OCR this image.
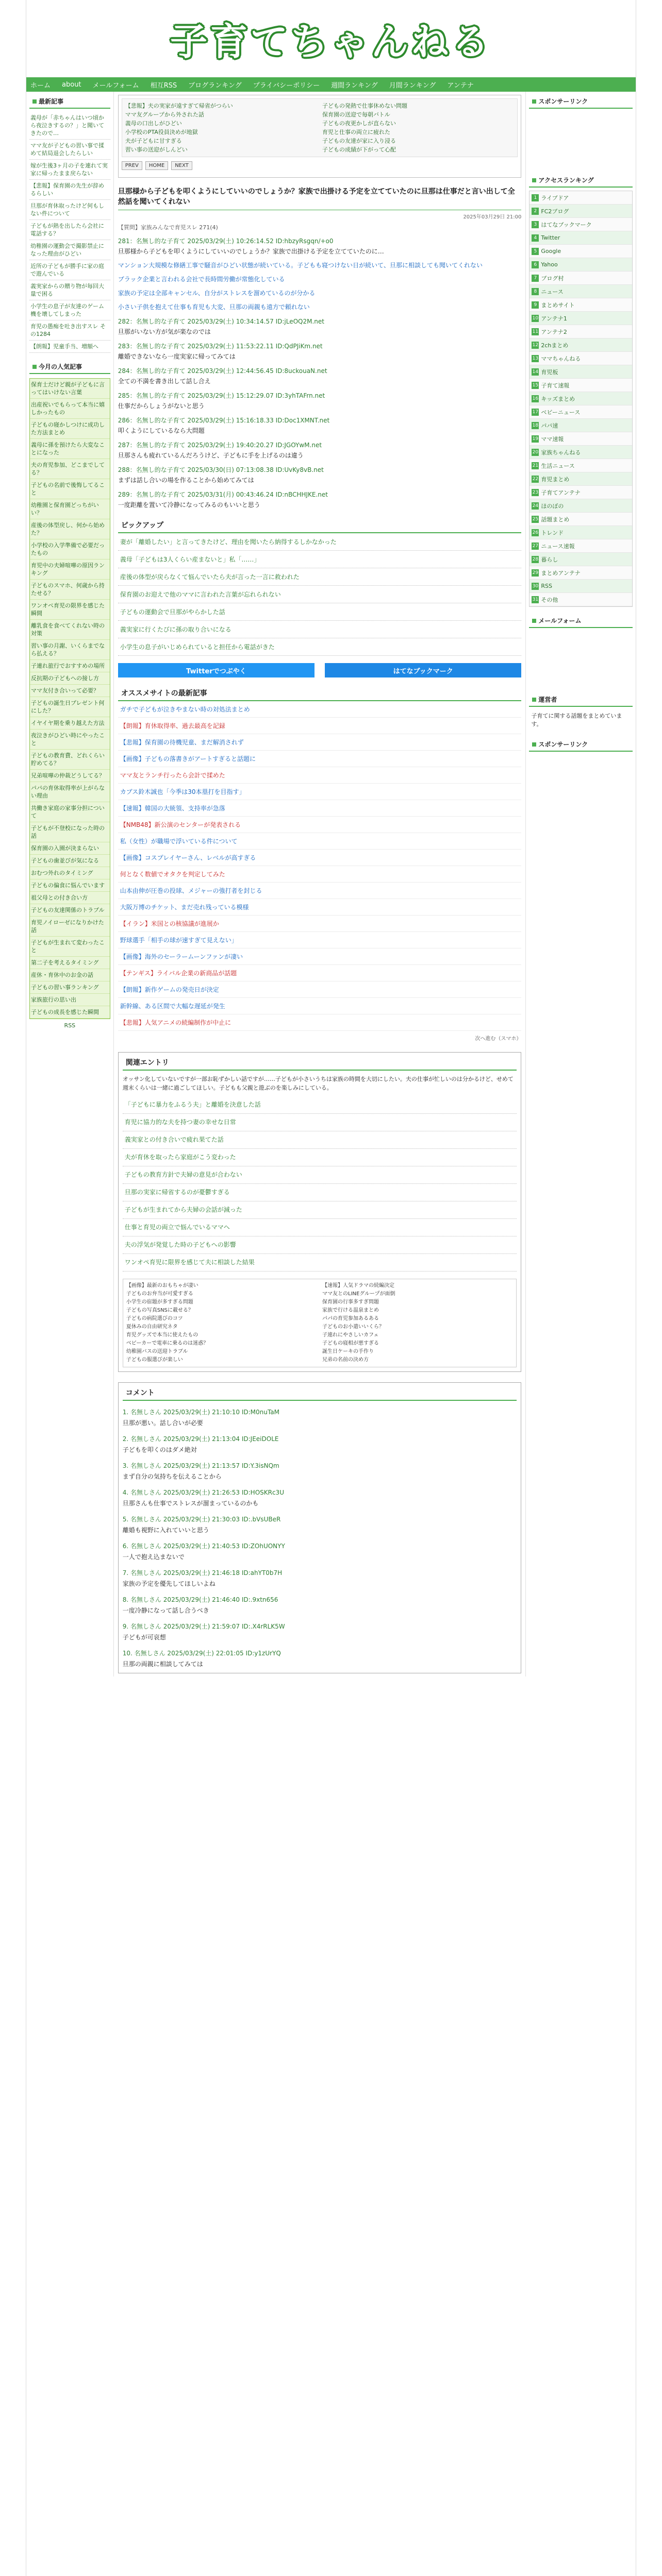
子育てちゃんねる
ホーム about メールフォーム 相互RSS ブログランキング プライバシーポリシー 週間ランキング 月間ランキング アンテナ
最新記事
義母が「赤ちゃんはいつ頃から夜泣きするの？」と聞いてきたので…
ママ友が子どもの習い事で揉めて結局退会したらしい
嫁が生後3ヶ月の子を連れて実家に帰ったまま戻らない
【悲報】保育園の先生が辞めるらしい
旦那が育休取ったけど何もしない件について
子どもが熱を出したら会社に電話する？
幼稚園の運動会で撮影禁止になった理由がひどい
近所の子どもが勝手に家の庭で遊んでいる
義実家からの贈り物が毎回大量で困る
小学生の息子が友達のゲーム機を壊してしまった
育児の愚痴を吐き出すスレ その1284
【朗報】児童手当、増額へ
今月の人気記事
保育士だけど親が子どもに言ってはいけない言葉
出産祝いでもらって本当に嬉しかったもの
子どもの寝かしつけに成功した方法まとめ
義母に孫を預けたら大変なことになった
夫の育児参加、どこまでしてる？
子どもの名前で後悔してること
幼稚園と保育園どっちがいい？
産後の体型戻し、何から始めた？
小学校の入学準備で必要だったもの
育児中の夫婦喧嘩の原因ランキング
子どものスマホ、何歳から持たせる？
ワンオペ育児の限界を感じた瞬間
離乳食を食べてくれない時の対策
習い事の月謝、いくらまでなら払える？
子連れ旅行でおすすめの場所
反抗期の子どもへの接し方
ママ友付き合いって必要？
子どもの誕生日プレゼント何にした？
イヤイヤ期を乗り越えた方法
夜泣きがひどい時にやったこと
子どもの教育費、どれくらい貯めてる？
兄弟喧嘩の仲裁どうしてる？
パパの育休取得率が上がらない理由
共働き家庭の家事分担について
子どもが不登校になった時の話
保育園の入園が決まらない
子どもの歯並びが気になる
おむつ外れのタイミング
子どもの偏食に悩んでいます
祖父母との付き合い方
子どもの友達関係のトラブル
育児ノイローゼになりかけた話
子どもが生まれて変わったこと
第二子を考えるタイミング
産休・育休中のお金の話
子どもの習い事ランキング
家族旅行の思い出
子どもの成長を感じた瞬間
RSS
【悲報】夫の実家が遠すぎて帰省がつらい	子どもの発熱で仕事休めない問題
ママ友グループから外された話	保育園の送迎で毎朝バトル
義母の口出しがひどい	子どもの夜更かしが直らない
小学校のPTA役員決めが地獄	育児と仕事の両立に疲れた
夫が子どもに甘すぎる	子どもの友達が家に入り浸る
習い事の送迎がしんどい	子どもの成績が下がって心配
PREV	HOME	NEXT
旦那様から子どもを叩くようにしていいのでしょうか？家族で出掛ける予定を立てていたのに旦那は仕事だと言い出して全然話を聞いてくれない
2025年03月29日 21:00
【質問】家族みんなで育児スレ 271(4)
281：名無し的な子育て 2025/03/29(土) 10:26:14.52 ID:hbzyRsgqn/+o0
旦那様から子どもを叩くようにしていいのでしょうか？家族で出掛ける予定を立てていたのに…
マンション大規模な修繕工事で騒音がひどい状態が続いている。子どもも寝つけない日が続いて、旦那に相談しても聞いてくれない
ブラック企業と言われる会社で長時間労働が常態化している
家族の予定は全部キャンセル、自分がストレスを溜めているのが分かる
小さい子供を抱えて仕事も育児も大変、旦那の両親も遠方で頼れない
282：名無し的な子育て 2025/03/29(土) 10:34:14.57 ID:jLeOQ2M.net
旦那がいない方が気が楽なのでは
283：名無し的な子育て 2025/03/29(土) 11:53:22.11 ID:QdPJiKm.net
離婚できないなら一度実家に帰ってみては
284：名無し的な子育て 2025/03/29(土) 12:44:56.45 ID:8uckouaN.net
全ての不満を書き出して話し合え
285：名無し的な子育て 2025/03/29(土) 15:12:29.07 ID:3yhTAFrn.net
仕事だからしょうがないと思う
286：名無し的な子育て 2025/03/29(土) 15:16:18.33 ID:Doc1XMNT.net
叩くようにしているなら大問題
287：名無し的な子育て 2025/03/29(土) 19:40:20.27 ID:JGOYwM.net
旦那さんも疲れているんだろうけど、子どもに手を上げるのは違う
288：名無し的な子育て 2025/03/30(日) 07:13:08.38 ID:UvKy8vB.net
まずは話し合いの場を作ることから始めてみては
289：名無し的な子育て 2025/03/31(月) 00:43:46.24 ID:nBCHHJKE.net
一度距離を置いて冷静になってみるのもいいと思う
ピックアップ
妻が「離婚したい」と言ってきたけど、理由を聞いたら納得するしかなかった
義母「子どもは3人くらい産まないと」私「……」
産後の体型が戻らなくて悩んでいたら夫が言った一言に救われた
保育園のお迎えで他のママに言われた言葉が忘れられない
子どもの運動会で旦那がやらかした話
義実家に行くたびに孫の取り合いになる
小学生の息子がいじめられていると担任から電話がきた
Twitterでつぶやく	はてなブックマーク
オススメサイトの最新記事
ガチで子どもが泣きやまない時の対処法まとめ
【朗報】育休取得率、過去最高を記録
【悲報】保育園の待機児童、まだ解消されず
【画像】子どもの落書きがアートすぎると話題に
ママ友とランチ行ったら会計で揉めた
カブス鈴木誠也「今季は30本塁打を目指す」
【速報】韓国の大統領、支持率が急落
【NMB48】新公演のセンターが発表される
私（女性）が職場で浮いている件について
【画像】コスプレイヤーさん、レベルが高すぎる
何となく数値でオタクを判定してみた
山本由伸が圧巻の投球、メジャーの強打者を封じる
大阪万博のチケット、まだ売れ残っている模様
【イラン】米国との核協議が進展か
野球選手「相手の球が速すぎて見えない」
【画像】海外のセーラームーンファンが凄い
【テンギス】ライバル企業の新商品が話題
【朗報】新作ゲームの発売日が決定
新幹線、ある区間で大幅な遅延が発生
【悲報】人気アニメの続編制作が中止に
次へ進む（スマホ）
関連エントリ
オッサン化していないですが一部お恥ずかしい話ですが……子どもが小さいうちは家族の時間を大切にしたい。夫の仕事が忙しいのは分かるけど、せめて週末くらいは一緒に過ごしてほしい。子どもも父親と遊ぶのを楽しみにしている。
「子どもに暴力をふるう夫」と離婚を決意した話
育児に協力的な夫を持つ妻の幸せな日常
義実家との付き合いで疲れ果てた話
夫が育休を取ったら家庭がこう変わった
子どもの教育方針で夫婦の意見が合わない
旦那の実家に帰省するのが憂鬱すぎる
子どもが生まれてから夫婦の会話が減った
仕事と育児の両立で悩んでいるママへ
夫の浮気が発覚した時の子どもへの影響
ワンオペ育児に限界を感じて夫に相談した結果
【画像】最新のおもちゃが凄い	【速報】人気ドラマの続編決定
子どものお弁当が可愛すぎる	ママ友とのLINEグループが面倒
小学生の宿題が多すぎる問題	保育園の行事多すぎ問題
子どもの写真SNSに載せる？	家族で行ける温泉まとめ
子どもの病院選びのコツ	パパの育児参加あるある
夏休みの自由研究ネタ	子どものお小遣いいくら？
育児グッズで本当に使えたもの	子連れにやさしいカフェ
ベビーカーで電車に乗るのは迷惑？	子どもの寝相が悪すぎる
幼稚園バスの送迎トラブル	誕生日ケーキの手作り
子どもの服選びが楽しい	兄弟の名前の決め方
コメント
1. 名無しさん 2025/03/29(土) 21:10:10 ID:M0nuTaM
旦那が悪い。話し合いが必要
2. 名無しさん 2025/03/29(土) 21:13:04 ID:JEeiDOLE
子どもを叩くのはダメ絶対
3. 名無しさん 2025/03/29(土) 21:13:57 ID:Y.3isNQm
まず自分の気持ちを伝えることから
4. 名無しさん 2025/03/29(土) 21:26:53 ID:HOSKRc3U
旦那さんも仕事でストレスが溜まっているのかも
5. 名無しさん 2025/03/29(土) 21:30:03 ID:.bVsUBeR
離婚も視野に入れていいと思う
6. 名無しさん 2025/03/29(土) 21:40:53 ID:ZOhUONYY
一人で抱え込まないで
7. 名無しさん 2025/03/29(土) 21:46:18 ID:ahYT0b7H
家族の予定を優先してほしいよね
8. 名無しさん 2025/03/29(土) 21:46:40 ID:.9xtn656
一度冷静になって話し合うべき
9. 名無しさん 2025/03/29(土) 21:59:07 ID:.X4rRLK5W
子どもが可哀想
10. 名無しさん 2025/03/29(土) 22:01:05 ID:y1zUrYQ
旦那の両親に相談してみては
スポンサーリンク
アクセスランキング
1 ライブドア
2 FC2ブログ
3 はてなブックマーク
4 Twitter
5 Google
6 Yahoo
7 ブログ村
8 ニュース
9 まとめサイト
10 アンテナ1
11 アンテナ2
12 2chまとめ
13 ママちゃんねる
14 育児板
15 子育て速報
16 キッズまとめ
17 ベビーニュース
18 パパ速
19 ママ速報
20 家族ちゃんねる
21 生活ニュース
22 育児まとめ
23 子育てアンテナ
24 ほのぼの
25 話題まとめ
26 トレンド
27 ニュース速報
28 暮らし
29 まとめアンテナ
30 RSS
31 その他
メールフォーム
運営者
子育てに関する話題をまとめています。
スポンサーリンク
